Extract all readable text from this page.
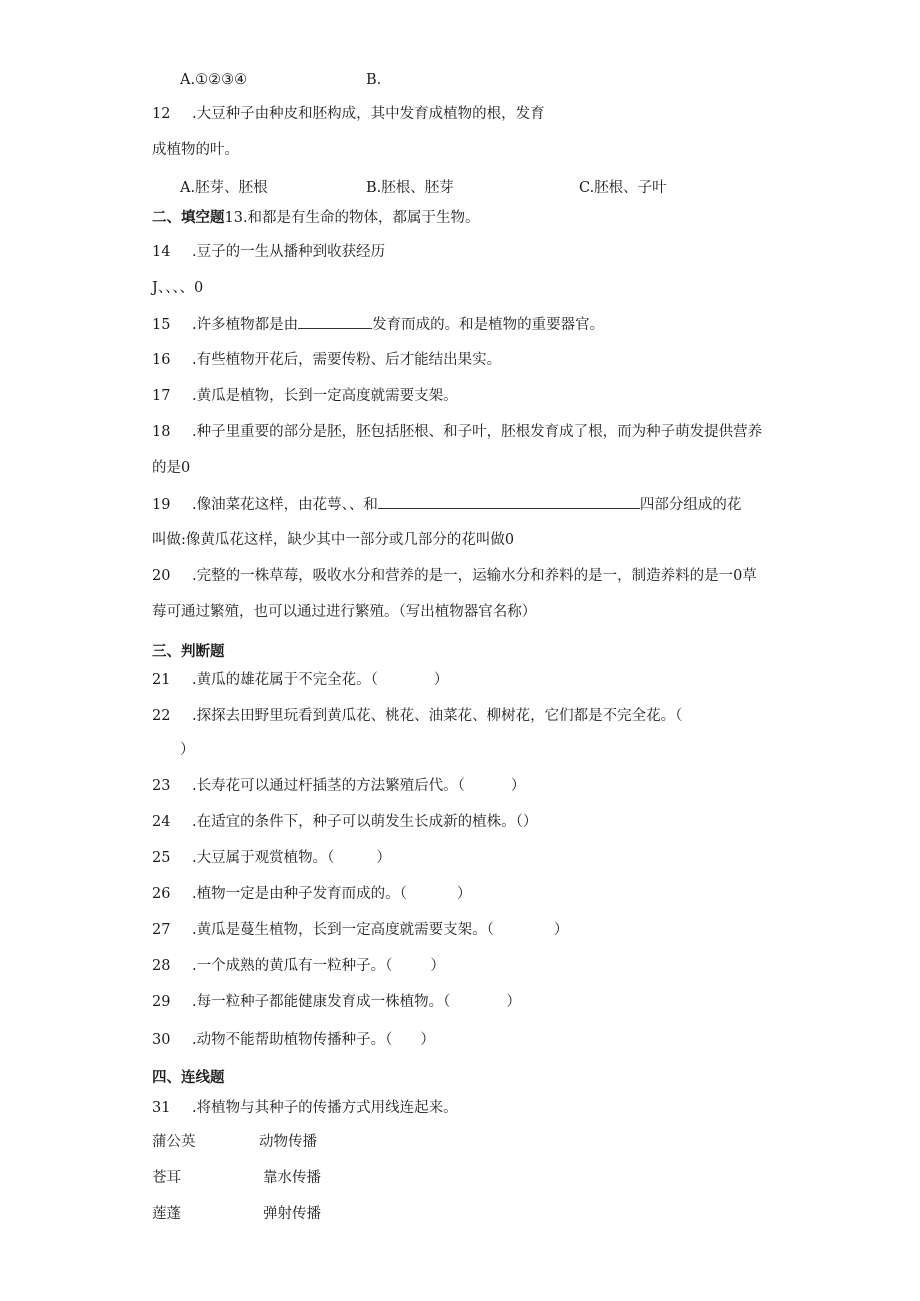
A.①②③④	B.
12 .大豆种子由种皮和胚构成，其中发育成植物的根，发育
成植物的叶。
A.胚芽、胚根	B.胚根、胚芽	C.胚根、子叶
二、填空题13.和都是有生命的物体，都属于生物。
14 .豆子的一生从播种到收获经历
J、、、、0
15 .许多植物都是由	发育而成的。和是植物的重要器官。
16 .有些植物开花后，需要传粉、后才能结出果实。
17 .黄瓜是植物，长到一定高度就需要支架。
18 .种子里重要的部分是胚，胚包括胚根、和子叶，胚根发育成了根，而为种子萌发提供营养
的是0
19 .像油菜花这样，由花萼、、和	四部分组成的花
叫做:像黄瓜花这样，缺少其中一部分或几部分的花叫做0
20 .完整的一株草莓，吸收水分和营养的是一，运输水分和养料的是一，制造养料的是一0草
莓可通过繁殖，也可以通过进行繁殖。（写出植物器官名称）
三、判断题
21 .黄瓜的雄花属于不完全花。（	）
22 .探探去田野里玩看到黄瓜花、桃花、油菜花、柳树花，它们都是不完全花。（
）
23 .长寿花可以通过杆插茎的方法繁殖后代。（	）
24 .在适宜的条件下，种子可以萌发生长成新的植株。（）
25 .大豆属于观赏植物。（	）
26 .植物一定是由种子发育而成的。（	）
27 .黄瓜是蔓生植物，长到一定高度就需要支架。（	）
28 .一个成熟的黄瓜有一粒种子。（	）
29 .每一粒种子都能健康发育成一株植物。（	）
30 .动物不能帮助植物传播种子。（ ）
四、连线题
31 .将植物与其种子的传播方式用线连起来。
蒲公英	动物传播
苍耳	靠水传播
莲蓬	弹射传播
